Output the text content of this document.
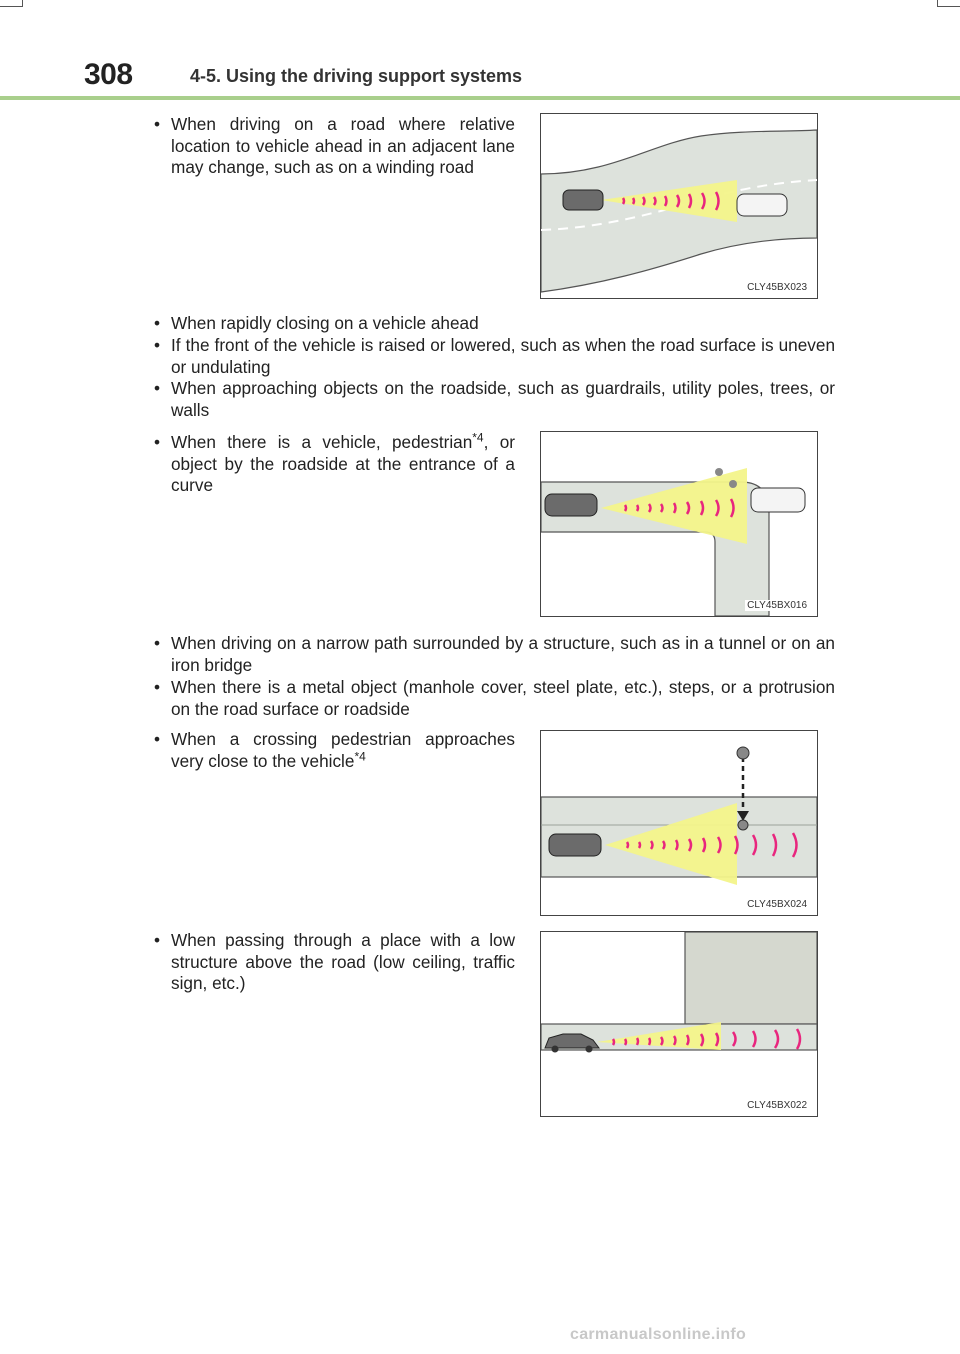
308	4-5. Using the driving support systems
• When driving on a road where relative location to vehicle ahead in an adjacent lane may change, such as on a winding road
CLY45BX023
• When rapidly closing on a vehicle ahead
• If the front of the vehicle is raised or lowered, such as when the road surface is uneven or undulating
• When approaching objects on the roadside, such as guardrails, utility poles, trees, or walls
• When there is a vehicle, pedestrian$^{*4}$, or object by the roadside at the entrance of a curve
CLY45BX016
• When driving on a narrow path surrounded by a structure, such as in a tunnel or on an iron bridge
• When there is a metal object (manhole cover, steel plate, etc.), steps, or a protrusion on the road surface or roadside
• When a crossing pedestrian approaches very close to the vehicle$^{*4}$
CLY45BX024
• When passing through a place with a low structure above the road (low ceiling, traffic sign, etc.)
CLY45BX022
carmanualsonline.info
